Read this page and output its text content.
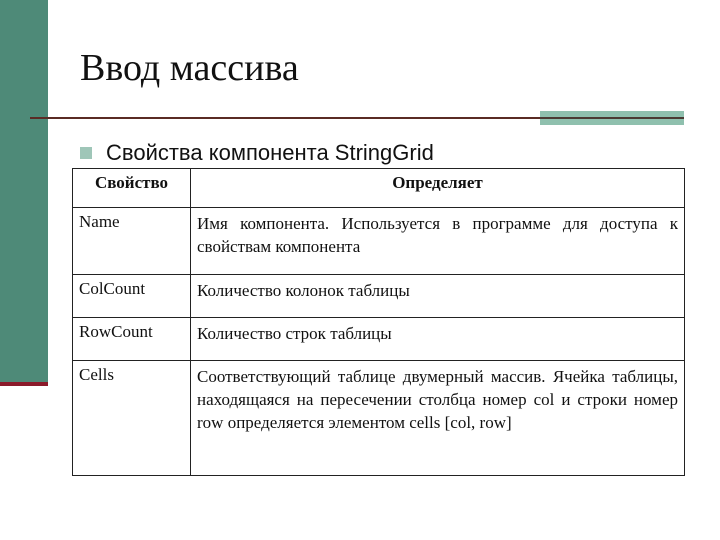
Ввод массива
Свойства компонента StringGrid
Свойство	Определяет
Name	Имя компонента. Используется в программе для доступа к свойствам компонента
ColCount	Количество колонок таблицы
RowCount	Количество строк таблицы
Cells	Соответствующий таблице двумерный массив. Ячейка таблицы, находящаяся на пересечении столбца номер col и строки номер row определяется элементом cells [col, row]
